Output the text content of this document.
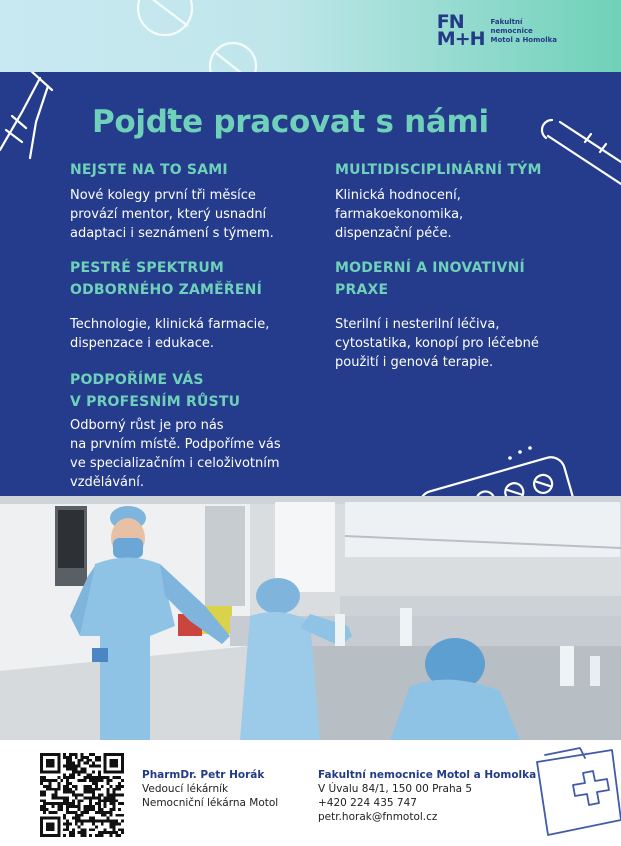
FN
M+H
Fakultní
nemocnice
Motol a Homolka
Pojďte pracovat s námi
NEJSTE NA TO SAMI
Nové kolegy první tři měsíce
provází mentor, který usnadní
adaptaci i seznámení s týmem.
MULTIDISCIPLINÁRNÍ TÝM
Klinická hodnocení,
farmakoekonomika,
dispenzační péče.
PESTRÉ SPEKTRUM
ODBORNÉHO ZAMĚŘENÍ
Technologie, klinická farmacie,
dispenzace i edukace.
MODERNÍ A INOVATIVNÍ
PRAXE
Sterilní i nesterilní léčiva,
cytostatika, konopí pro léčebné
použití i genová terapie.
PODPOŘÍME VÁS
V PROFESNÍM RŮSTU
Odborný růst je pro nás
na prvním místě. Podpoříme vás
ve specializačním i celoživotním
vzdělávání.
PharmDr. Petr Horák
Vedoucí lékárník
Nemocniční lékárna Motol
Fakultní nemocnice Motol a Homolka
V Úvalu 84/1, 150 00 Praha 5
+420 224 435 747
petr.horak@fnmotol.cz
